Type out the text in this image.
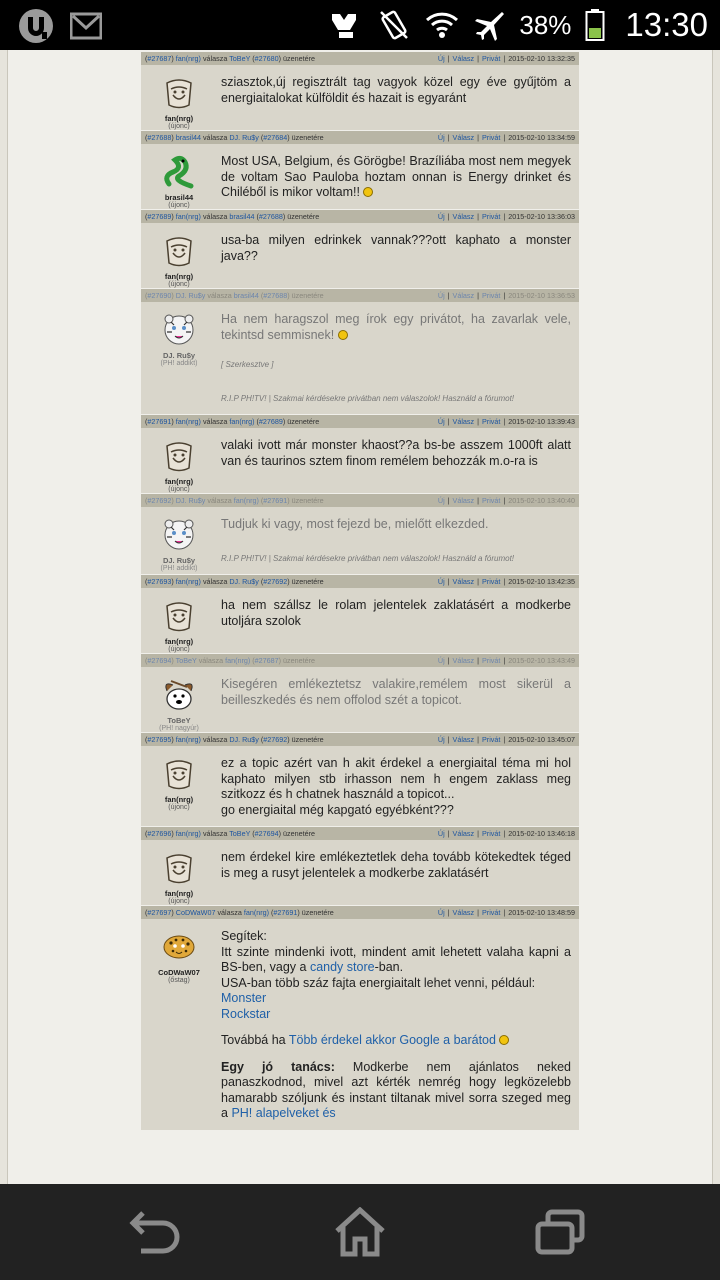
38% 13:30
(#27687) fan(nrg) válasza ToBeY (#27680) üzenetére	Új | Válasz | Privát | 2015-02-10 13:32:35
fan(nrg)
(újonc)
sziasztok,új regisztrált tag vagyok közel egy éve gyűjtöm a energiaitalokat külföldit és hazait is egyaránt
(#27688) brasil44 válasza DJ. Ru$y (#27684) üzenetére	Új | Válasz | Privát | 2015-02-10 13:34:59
brasil44
(újonc)
Most USA, Belgium, és Görögbe! Brazíliába most nem megyek de voltam Sao Pauloba hoztam onnan is Energy drinket és Chiléből is mikor voltam!!
(#27689) fan(nrg) válasza brasil44 (#27688) üzenetére	Új | Válasz | Privát | 2015-02-10 13:36:03
fan(nrg)
(újonc)
usa-ba milyen edrinkek vannak???ott kaphato a monster java??
(#27690) DJ. Ru$y válasza brasil44 (#27688) üzenetére	Új | Válasz | Privát | 2015-02-10 13:36:53
DJ. Ru$y
(PH! addikt)
Ha nem haragszol meg írok egy privátot, ha zavarlak vele, tekintsd semmisnek!
[ Szerkesztve ]
R.I.P PH!TV! | Szakmai kérdésekre privátban nem válaszolok! Használd a fórumot!
(#27691) fan(nrg) válasza fan(nrg) (#27689) üzenetére	Új | Válasz | Privát | 2015-02-10 13:39:43
fan(nrg)
(újonc)
valaki ivott már monster khaost??a bs-be asszem 1000ft alatt van és taurinos sztem finom remélem behozzák m.o-ra is
(#27692) DJ. Ru$y válasza fan(nrg) (#27691) üzenetére	Új | Válasz | Privát | 2015-02-10 13:40:40
DJ. Ru$y
(PH! addikt)
Tudjuk ki vagy, most fejezd be, mielőtt elkezded.
R.I.P PH!TV! | Szakmai kérdésekre privátban nem válaszolok! Használd a fórumot!
(#27693) fan(nrg) válasza DJ. Ru$y (#27692) üzenetére	Új | Válasz | Privát | 2015-02-10 13:42:35
fan(nrg)
(újonc)
ha nem szállsz le rolam jelentelek zaklatásért a modkerbe utoljára szolok
(#27694) ToBeY válasza fan(nrg) (#27687) üzenetére	Új | Válasz | Privát | 2015-02-10 13:43:49
ToBeY
(PH! nagyúr)
Kisegéren emlékeztetsz valakire,remélem most sikerül a beilleszkedés és nem offolod szét a topicot.
(#27695) fan(nrg) válasza DJ. Ru$y (#27692) üzenetére	Új | Válasz | Privát | 2015-02-10 13:45:07
fan(nrg)
(újonc)
ez a topic azért van h akit érdekel a energiaital téma mi hol kaphato milyen stb irhasson nem h engem zaklass meg szitkozz és h chatnek használd a topicot...
go energiaital még kapgató egyébként???
(#27696) fan(nrg) válasza ToBeY (#27694) üzenetére	Új | Válasz | Privát | 2015-02-10 13:46:18
fan(nrg)
(újonc)
nem érdekel kire emlékeztetlek deha tovább kötekedtek téged is meg a rusyt jelentelek a modkerbe zaklatásért
(#27697) CoDWaW07 válasza fan(nrg) (#27691) üzenetére	Új | Válasz | Privát | 2015-02-10 13:48:59
CoDWaW07
(őstag)
Segítek:
Itt szinte mindenki ivott, mindent amit lehetett valaha kapni a BS-ben, vagy a candy store-ban.
USA-ban több száz fajta energiaitalt lehet venni, például:
Monster
Rockstar
Továbbá ha Több érdekel akkor Google a barátod
Egy jó tanács: Modkerbe nem ajánlatos neked panaszkodnod, mivel azt kérték nemrég hogy legközelebb hamarabb szóljunk és instant tiltanak mivel sorra szeged meg a PH! alapelveket és
